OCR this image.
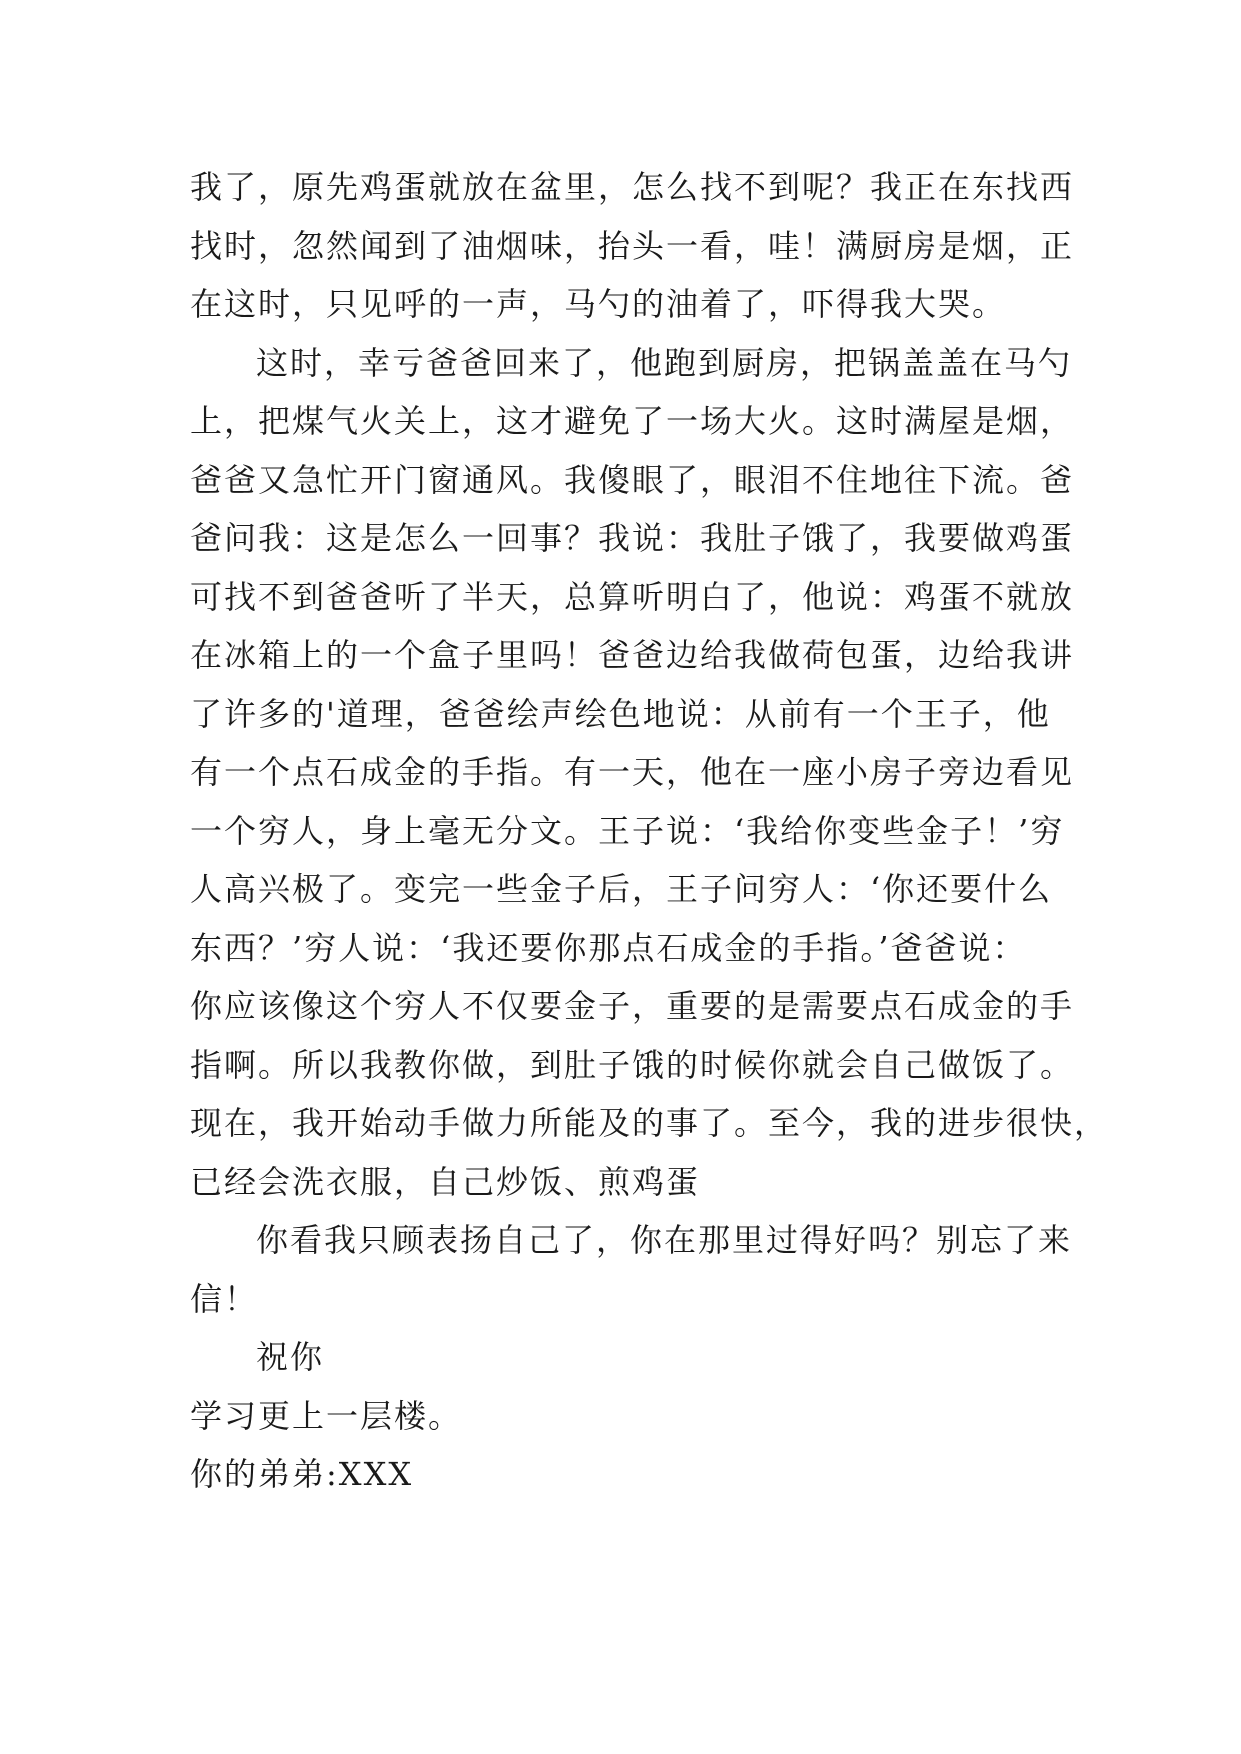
我了，原先鸡蛋就放在盆里，怎么找不到呢？我正在东找西
找时，忽然闻到了油烟味，抬头一看，哇！满厨房是烟，正
在这时，只见呼的一声，马勺的油着了，吓得我大哭。
这时，幸亏爸爸回来了，他跑到厨房，把锅盖盖在马勺
上，把煤气火关上，这才避免了一场大火。这时满屋是烟，
爸爸又急忙开门窗通风。我傻眼了，眼泪不住地往下流。爸
爸问我：这是怎么一回事？我说：我肚子饿了，我要做鸡蛋
可找不到爸爸听了半天，总算听明白了，他说：鸡蛋不就放
在冰箱上的一个盒子里吗！爸爸边给我做荷包蛋，边给我讲
了许多的'道理，爸爸绘声绘色地说：从前有一个王子，他
有一个点石成金的手指。有一天，他在一座小房子旁边看见
一个穷人，身上毫无分文。王子说：‘我给你变些金子！’穷
人高兴极了。变完一些金子后，王子问穷人：‘你还要什么
东西？’穷人说：‘我还要你那点石成金的手指。’爸爸说：
你应该像这个穷人不仅要金子，重要的是需要点石成金的手
指啊。所以我教你做，到肚子饿的时候你就会自己做饭了。
现在，我开始动手做力所能及的事了。至今，我的进步很快，
已经会洗衣服，自己炒饭、煎鸡蛋
你看我只顾表扬自己了，你在那里过得好吗？别忘了来
信！
祝你
学习更上一层楼。
你的弟弟:XXX
